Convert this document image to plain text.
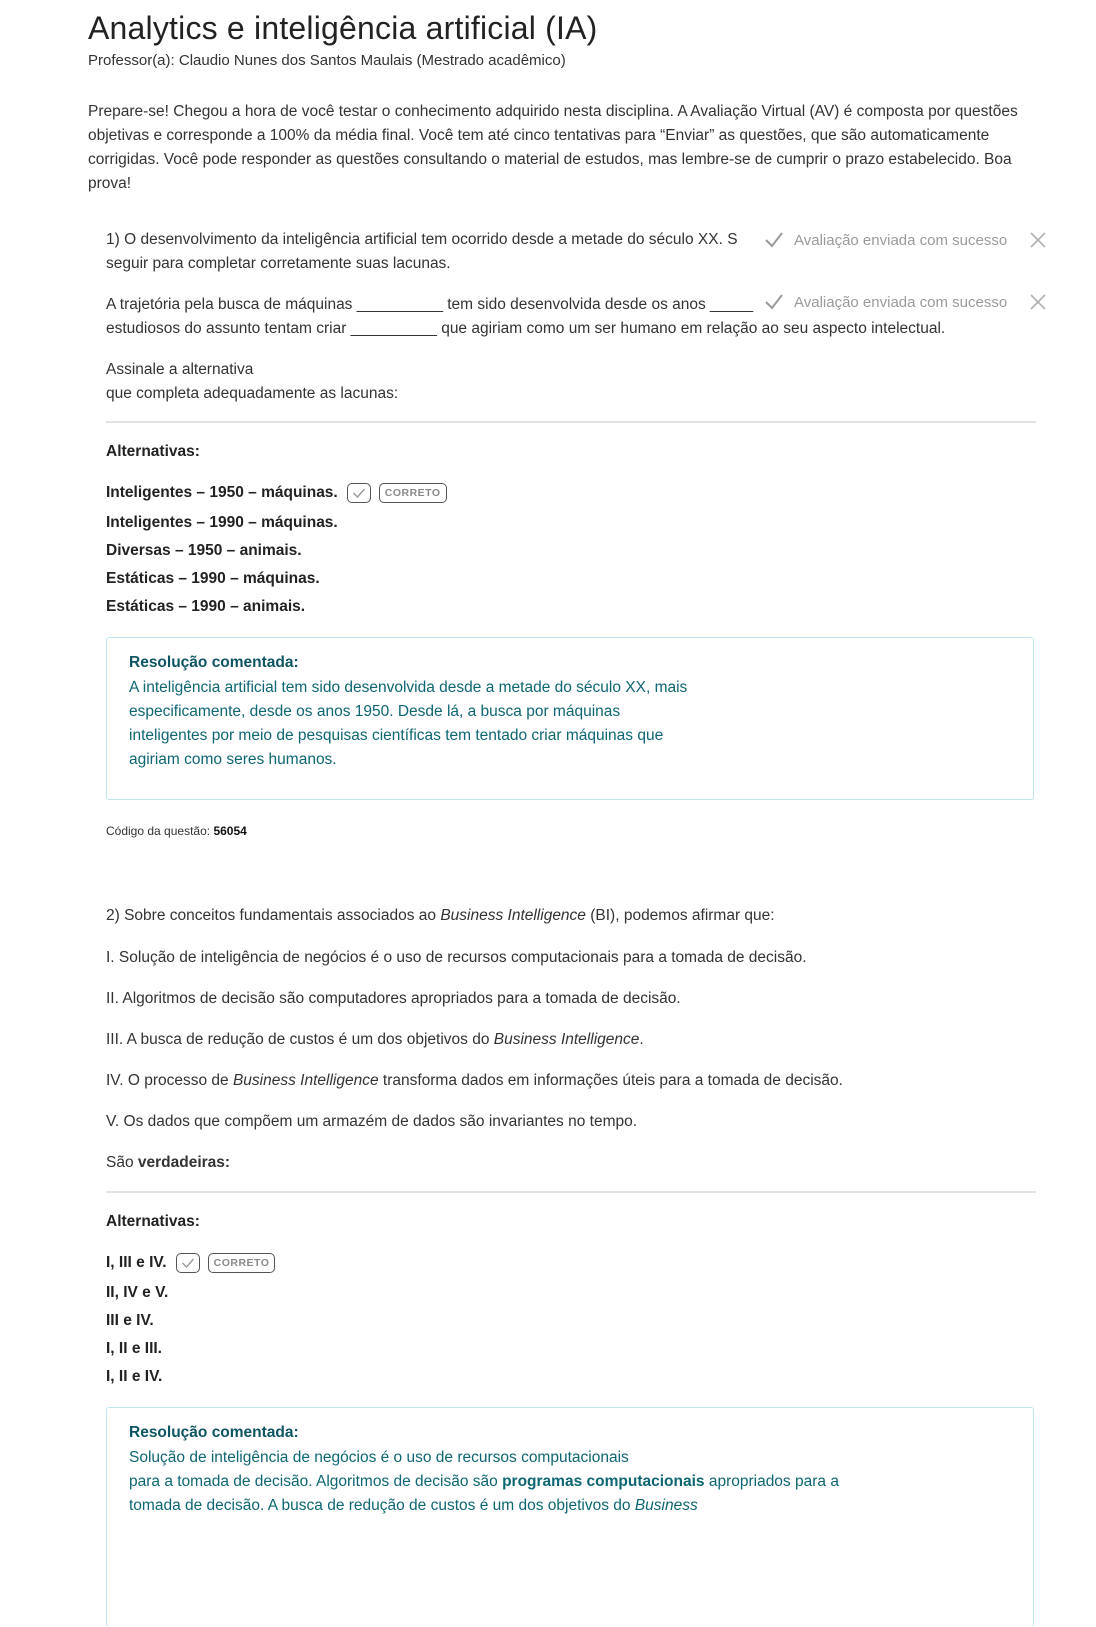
Analytics e inteligência artificial (IA)
Professor(a): Claudio Nunes dos Santos Maulais (Mestrado acadêmico)
Prepare-se! Chegou a hora de você testar o conhecimento adquirido nesta disciplina. A Avaliação Virtual (AV) é composta por questões objetivas e corresponde a 100% da média final. Você tem até cinco tentativas para “Enviar” as questões, que são automaticamente corrigidas. Você pode responder as questões consultando o material de estudos, mas lembre-se de cumprir o prazo estabelecido. Boa prova!
1) O desenvolvimento da inteligência artificial tem ocorrido desde a metade do século XX. S
seguir para completar corretamente suas lacunas.
A trajetória pela busca de máquinas __________ tem sido desenvolvida desde os anos _____
estudiosos do assunto tentam criar __________ que agiriam como um ser humano em relação ao seu aspecto intelectual.
Avaliação enviada com sucesso
Avaliação enviada com sucesso
Assinale a alternativa
que completa adequadamente as lacunas:
Alternativas:
Inteligentes – 1950 – máquinas.	CORRETO
Inteligentes – 1990 – máquinas.
Diversas – 1950 – animais.
Estáticas – 1990 – máquinas.
Estáticas – 1990 – animais.
Resolução comentada:
A inteligência artificial tem sido desenvolvida desde a metade do século XX, mais especificamente, desde os anos 1950. Desde lá, a busca por máquinas inteligentes por meio de pesquisas científicas tem tentado criar máquinas que agiriam como seres humanos.
Código da questão: 56054
2) Sobre conceitos fundamentais associados ao Business Intelligence (BI), podemos afirmar que:
I. Solução de inteligência de negócios é o uso de recursos computacionais para a tomada de decisão.
II. Algoritmos de decisão são computadores apropriados para a tomada de decisão.
III. A busca de redução de custos é um dos objetivos do Business Intelligence.
IV. O processo de Business Intelligence transforma dados em informações úteis para a tomada de decisão.
V. Os dados que compõem um armazém de dados são invariantes no tempo.
São verdadeiras:
Alternativas:
I, III e IV.	CORRETO
II, IV e V.
III e IV.
I, II e III.
I, II e IV.
Resolução comentada:
Solução de inteligência de negócios é o uso de recursos computacionais
para a tomada de decisão. Algoritmos de decisão são programas computacionais apropriados para a
tomada de decisão. A busca de redução de custos é um dos objetivos do Business
